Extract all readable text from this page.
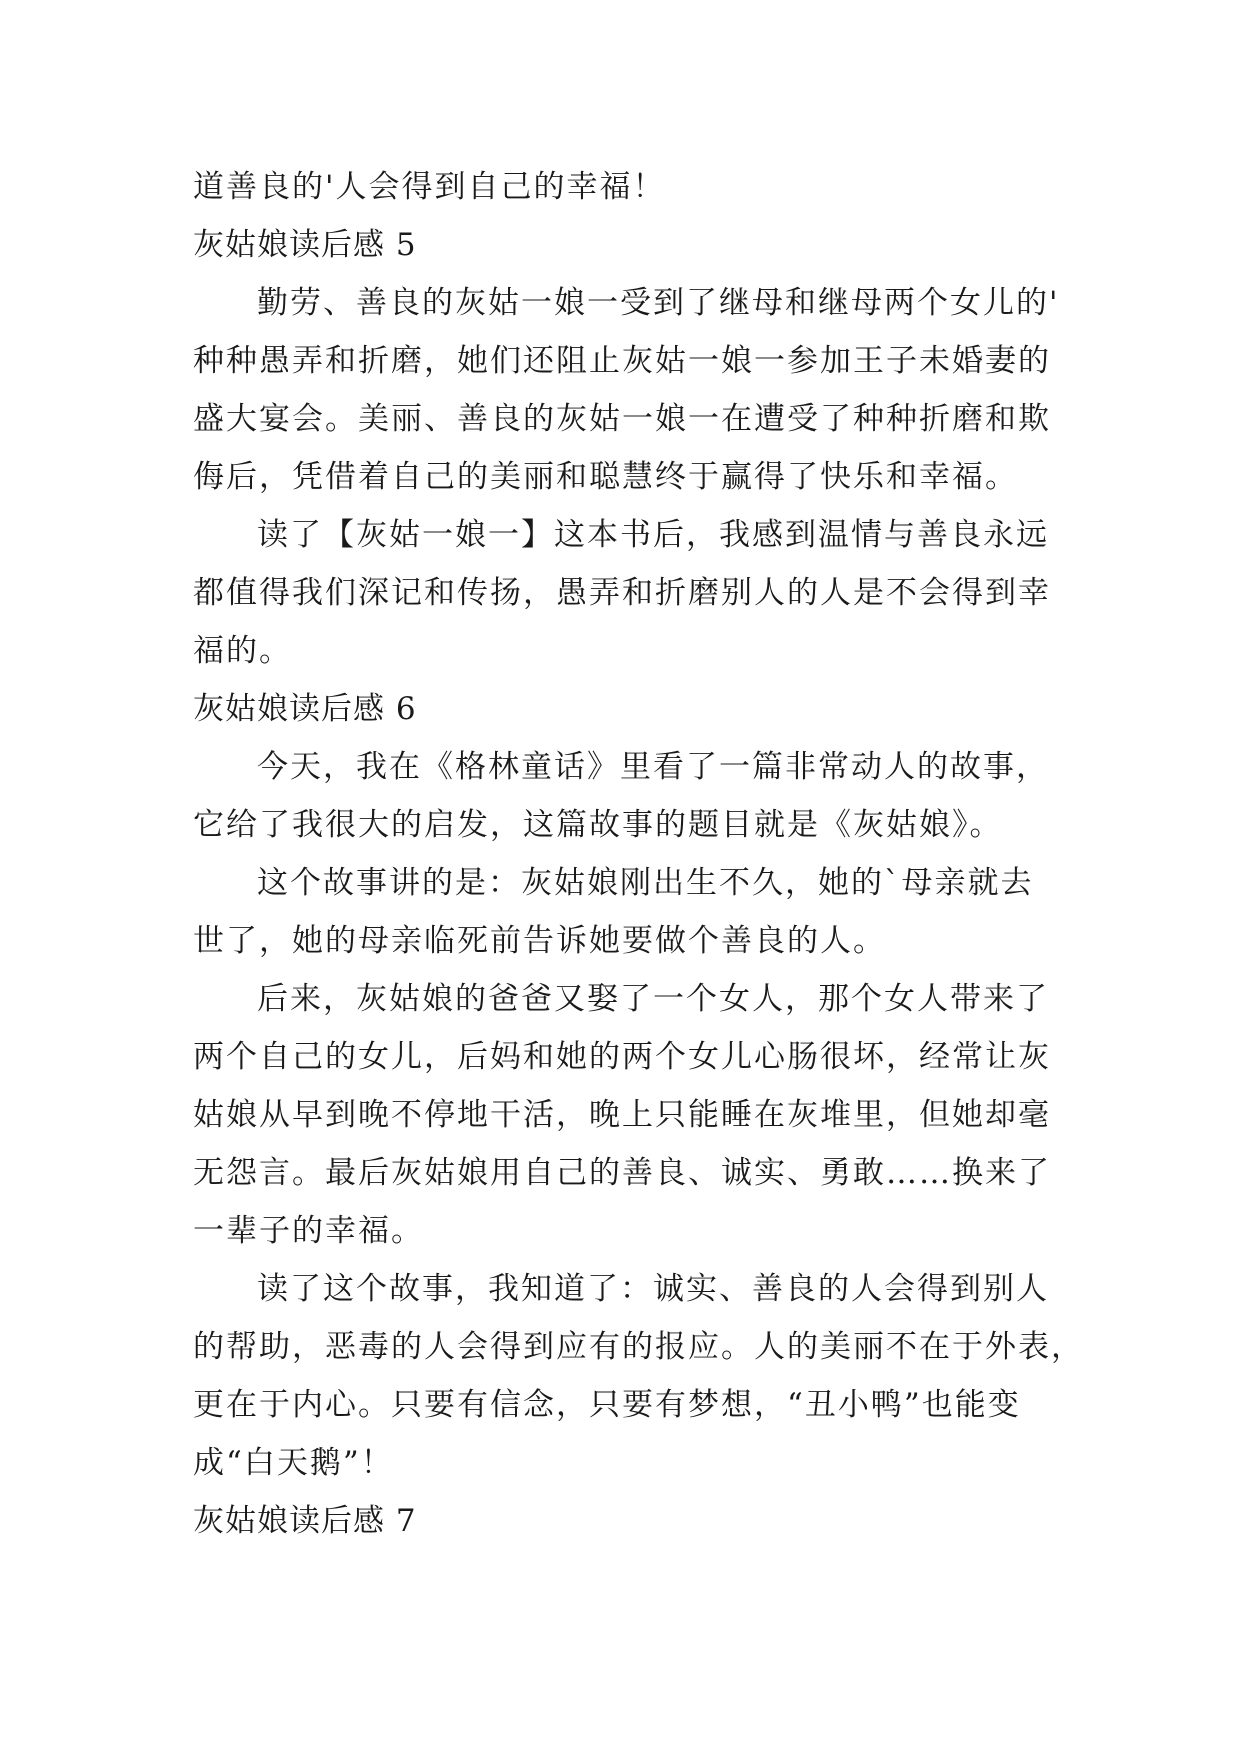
道善良的'人会得到自己的幸福！
灰姑娘读后感 5
勤劳、善良的灰姑一娘一受到了继母和继母两个女儿的'
种种愚弄和折磨，她们还阻止灰姑一娘一参加王子未婚妻的
盛大宴会。美丽、善良的灰姑一娘一在遭受了种种折磨和欺
侮后，凭借着自己的美丽和聪慧终于赢得了快乐和幸福。
读了【灰姑一娘一】这本书后，我感到温情与善良永远
都值得我们深记和传扬，愚弄和折磨别人的人是不会得到幸
福的。
灰姑娘读后感 6
今天，我在《格林童话》里看了一篇非常动人的故事，
它给了我很大的启发，这篇故事的题目就是《灰姑娘》。
这个故事讲的是：灰姑娘刚出生不久，她的`母亲就去
世了，她的母亲临死前告诉她要做个善良的人。
后来，灰姑娘的爸爸又娶了一个女人，那个女人带来了
两个自己的女儿，后妈和她的两个女儿心肠很坏，经常让灰
姑娘从早到晚不停地干活，晚上只能睡在灰堆里，但她却毫
无怨言。最后灰姑娘用自己的善良、诚实、勇敢……换来了
一辈子的幸福。
读了这个故事，我知道了：诚实、善良的人会得到别人
的帮助，恶毒的人会得到应有的报应。人的美丽不在于外表，
更在于内心。只要有信念，只要有梦想，“丑小鸭”也能变
成“白天鹅”！
灰姑娘读后感 7
